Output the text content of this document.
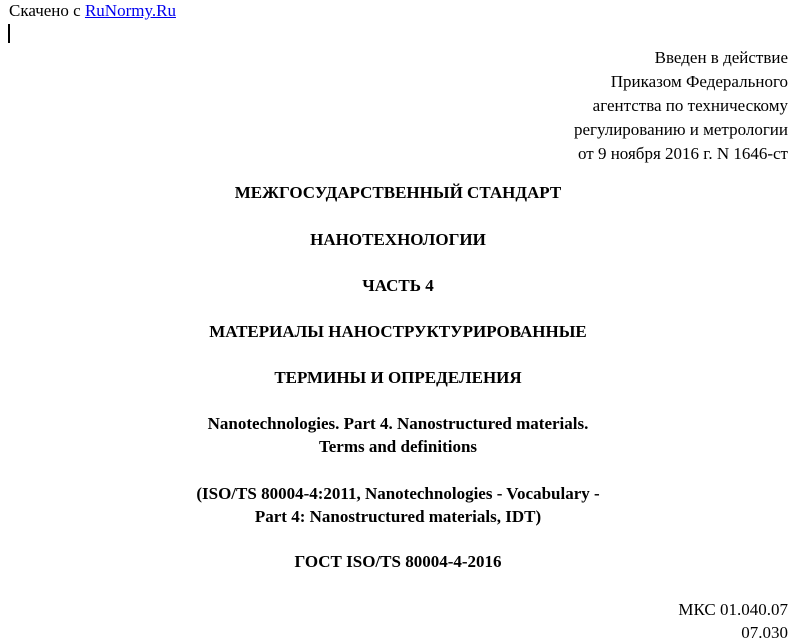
Скачено с RuNormy.Ru
Введен в действие
Приказом Федерального
агентства по техническому
регулированию и метрологии
от 9 ноября 2016 г. N 1646-ст
МЕЖГОСУДАРСТВЕННЫЙ СТАНДАРТ
НАНОТЕХНОЛОГИИ
ЧАСТЬ 4
МАТЕРИАЛЫ НАНОСТРУКТУРИРОВАННЫЕ
ТЕРМИНЫ И ОПРЕДЕЛЕНИЯ
Nanotechnologies. Part 4. Nanostructured materials.
Terms and definitions
(ISO/TS 80004-4:2011, Nanotechnologies - Vocabulary -
Part 4: Nanostructured materials, IDT)
ГОСТ ISO/TS 80004-4-2016
МКС 01.040.07
07.030
